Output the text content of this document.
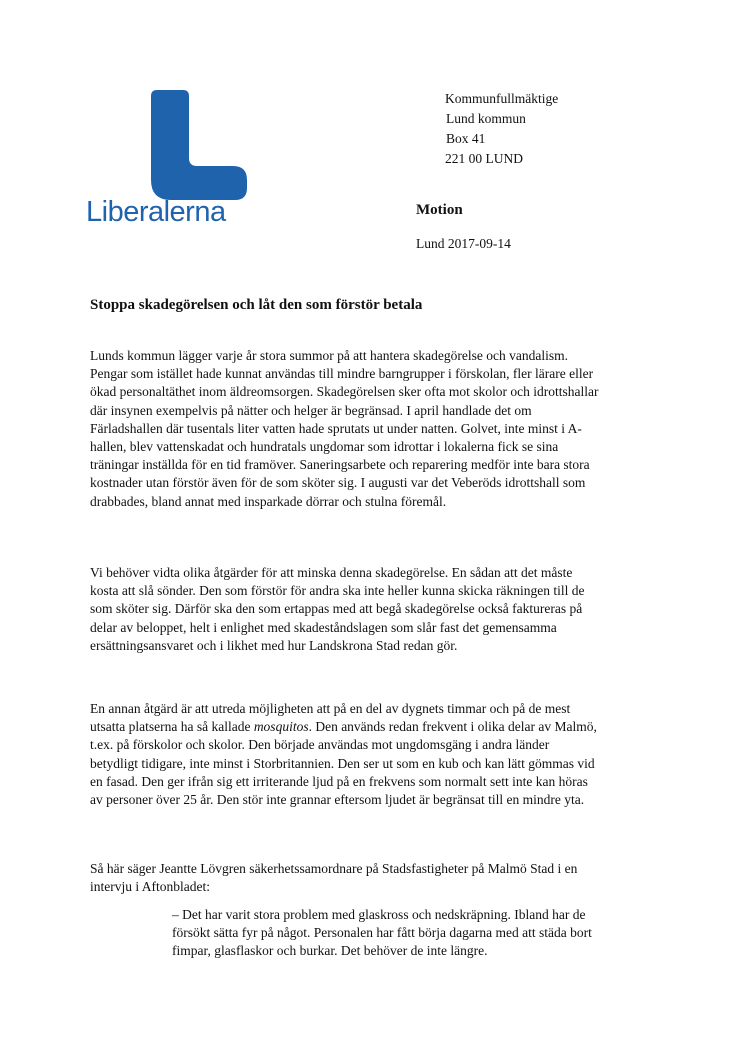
Liberalerna
Kommunfullmäktige
Lund kommun
Box 41
221 00 LUND
Motion
Lund 2017-09-14
Stoppa skadegörelsen och låt den som förstör betala
Lunds kommun lägger varje år stora summor på att hantera skadegörelse och vandalism.
Pengar som istället hade kunnat användas till mindre barngrupper i förskolan, fler lärare eller
ökad personaltäthet inom äldreomsorgen. Skadegörelsen sker ofta mot skolor och idrottshallar
där insynen exempelvis på nätter och helger är begränsad. I april handlade det om
Färladshallen där tusentals liter vatten hade sprutats ut under natten. Golvet, inte minst i A-
hallen, blev vattenskadat och hundratals ungdomar som idrottar i lokalerna fick se sina
träningar inställda för en tid framöver. Saneringsarbete och reparering medför inte bara stora
kostnader utan förstör även för de som sköter sig. I augusti var det Veberöds idrottshall som
drabbades, bland annat med insparkade dörrar och stulna föremål.
Vi behöver vidta olika åtgärder för att minska denna skadegörelse. En sådan att det måste
kosta att slå sönder. Den som förstör för andra ska inte heller kunna skicka räkningen till de
som sköter sig. Därför ska den som ertappas med att begå skadegörelse också faktureras på
delar av beloppet, helt i enlighet med skadeståndslagen som slår fast det gemensamma
ersättningsansvaret och i likhet med hur Landskrona Stad redan gör.
En annan åtgärd är att utreda möjligheten att på en del av dygnets timmar och på de mest
utsatta platserna ha så kallade mosquitos. Den används redan frekvent i olika delar av Malmö,
t.ex. på förskolor och skolor. Den började användas mot ungdomsgäng i andra länder
betydligt tidigare, inte minst i Storbritannien. Den ser ut som en kub och kan lätt gömmas vid
en fasad. Den ger ifrån sig ett irriterande ljud på en frekvens som normalt sett inte kan höras
av personer över 25 år. Den stör inte grannar eftersom ljudet är begränsat till en mindre yta.
Så här säger Jeantte Lövgren säkerhetssamordnare på Stadsfastigheter på Malmö Stad i en
intervju i Aftonbladet:
– Det har varit stora problem med glaskross och nedskräpning. Ibland har de
försökt sätta fyr på något. Personalen har fått börja dagarna med att städa bort
fimpar, glasflaskor och burkar. Det behöver de inte längre.
